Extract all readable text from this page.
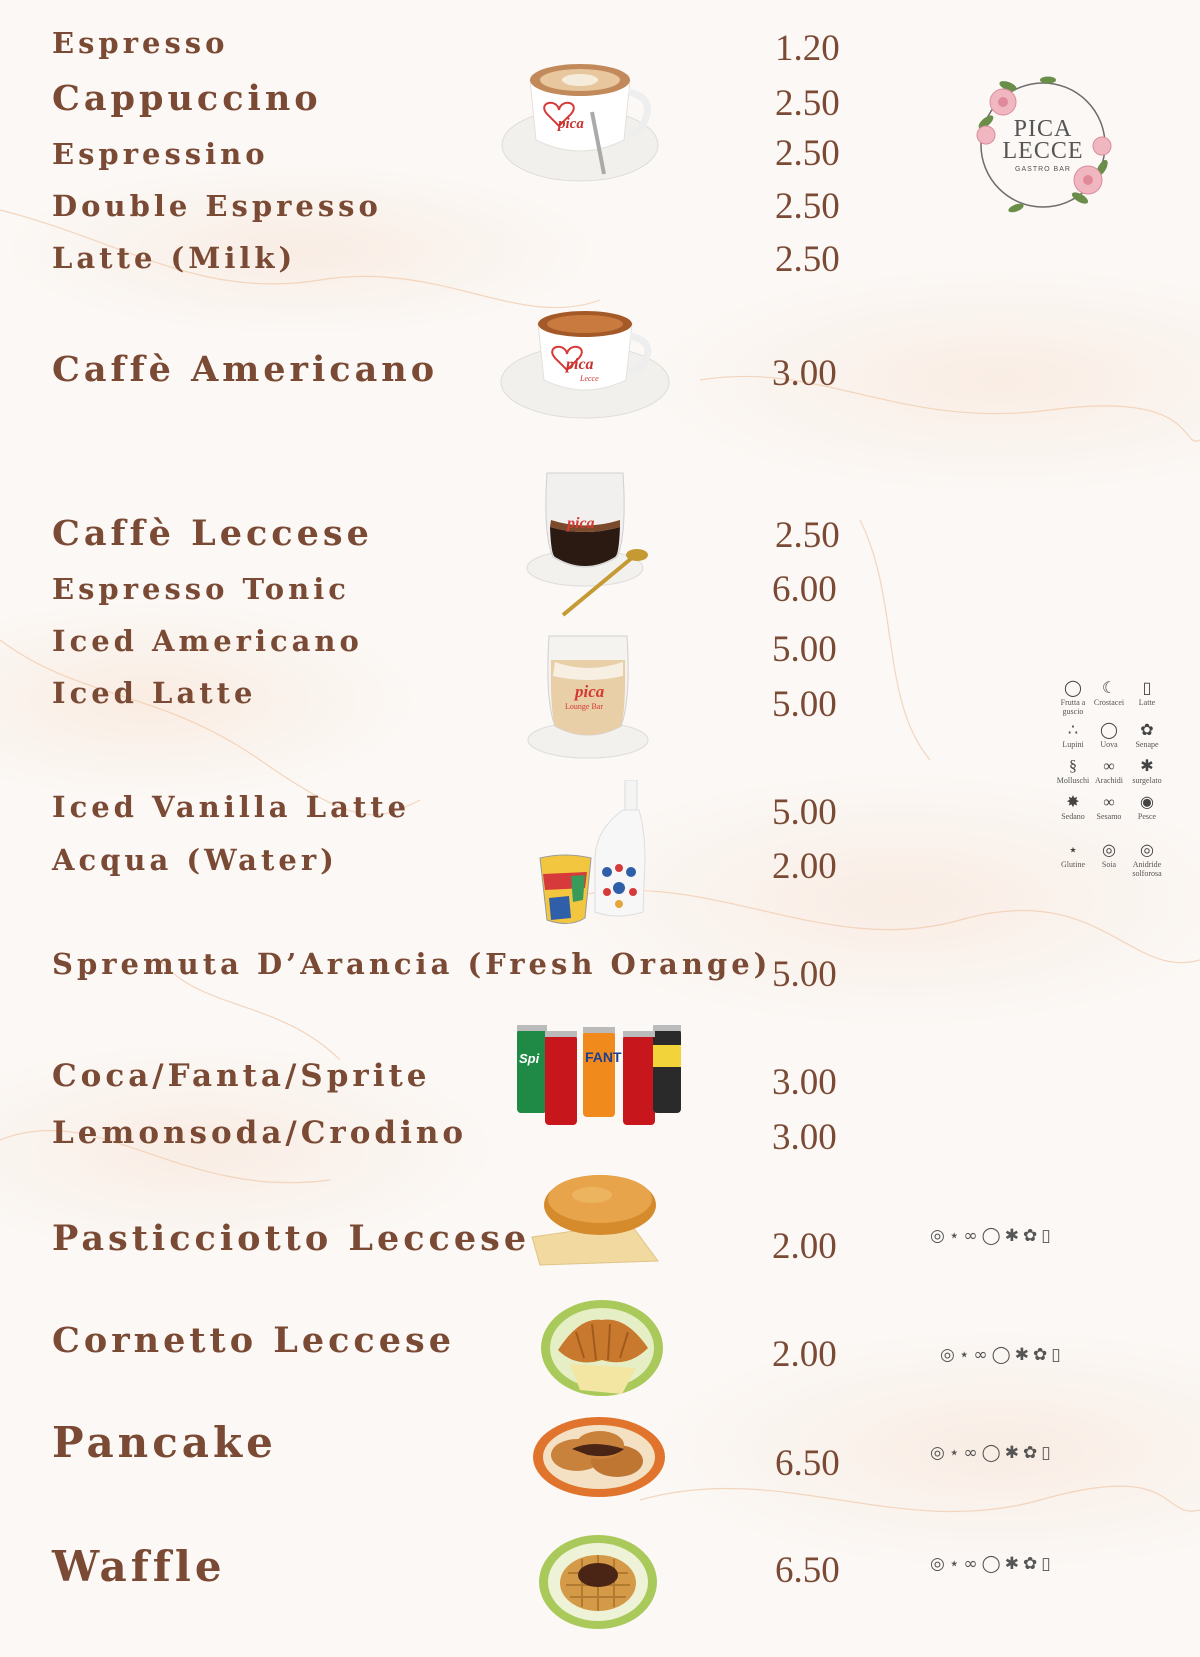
Espresso
Cappuccino
Espressino
Double Espresso
Latte (Milk)
Caffè Americano
Caffè Leccese
Espresso Tonic
Iced Americano
Iced Latte
Iced Vanilla Latte
Acqua (Water)
Spremuta D’Arancia (Fresh Orange)
Coca/Fanta/Sprite
Lemonsoda/Crodino
Pasticciotto Leccese
Cornetto Leccese
Pancake
Waffle
1.20
2.50
2.50
2.50
2.50
3.00
2.50
6.00
5.00
5.00
5.00
2.00
5.00
3.00
3.00
2.00
2.00
6.50
6.50
PICA
LECCE
GASTRO BAR
pica
pica
Lecce
pica
pica
Lounge Bar
Spi	FANT
◯
Frutta a guscio
☾
Crostacei
▯
Latte
∴
Lupini
◯
Uova
✿
Senape
§
Molluschi
∞
Arachidi
✱
surgelato
✸
Sedano
∞
Sesamo
◉
Pesce
⋆
Glutine
◎
Soia
◎
Anidride solforosa
◎⋆∞◯✱✿▯
◎⋆∞◯✱✿▯
◎⋆∞◯✱✿▯
◎⋆∞◯✱✿▯
